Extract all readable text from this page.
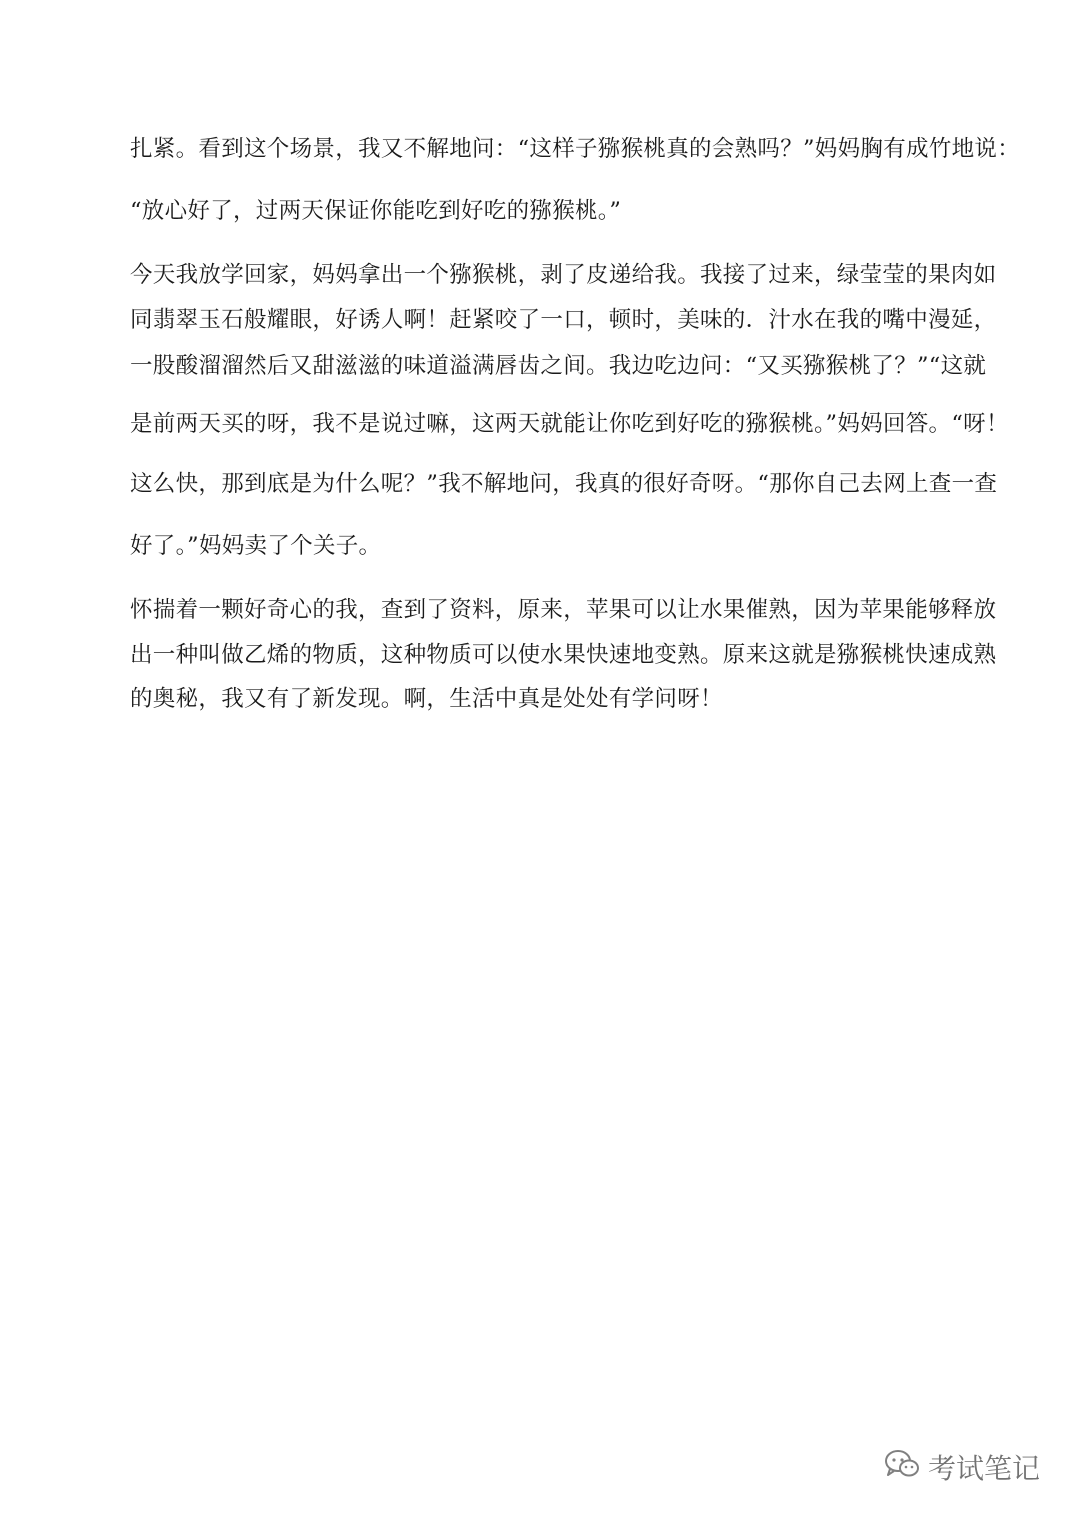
扎紧。看到这个场景，我又不解地问：“这样子猕猴桃真的会熟吗？”妈妈胸有成竹地说：
“放心好了，过两天保证你能吃到好吃的猕猴桃。”
今天我放学回家，妈妈拿出一个猕猴桃，剥了皮递给我。我接了过来，绿莹莹的果肉如
同翡翠玉石般耀眼，好诱人啊！赶紧咬了一口，顿时，美味的．汁水在我的嘴中漫延，
一股酸溜溜然后又甜滋滋的味道溢满唇齿之间。我边吃边问：“又买猕猴桃了？”“这就
是前两天买的呀，我不是说过嘛，这两天就能让你吃到好吃的猕猴桃。”妈妈回答。“呀！
这么快，那到底是为什么呢？”我不解地问，我真的很好奇呀。“那你自己去网上查一查
好了。”妈妈卖了个关子。
怀揣着一颗好奇心的我，查到了资料，原来，苹果可以让水果催熟，因为苹果能够释放
出一种叫做乙烯的物质，这种物质可以使水果快速地变熟。原来这就是猕猴桃快速成熟
的奥秘，我又有了新发现。啊，生活中真是处处有学问呀！
考试笔记
